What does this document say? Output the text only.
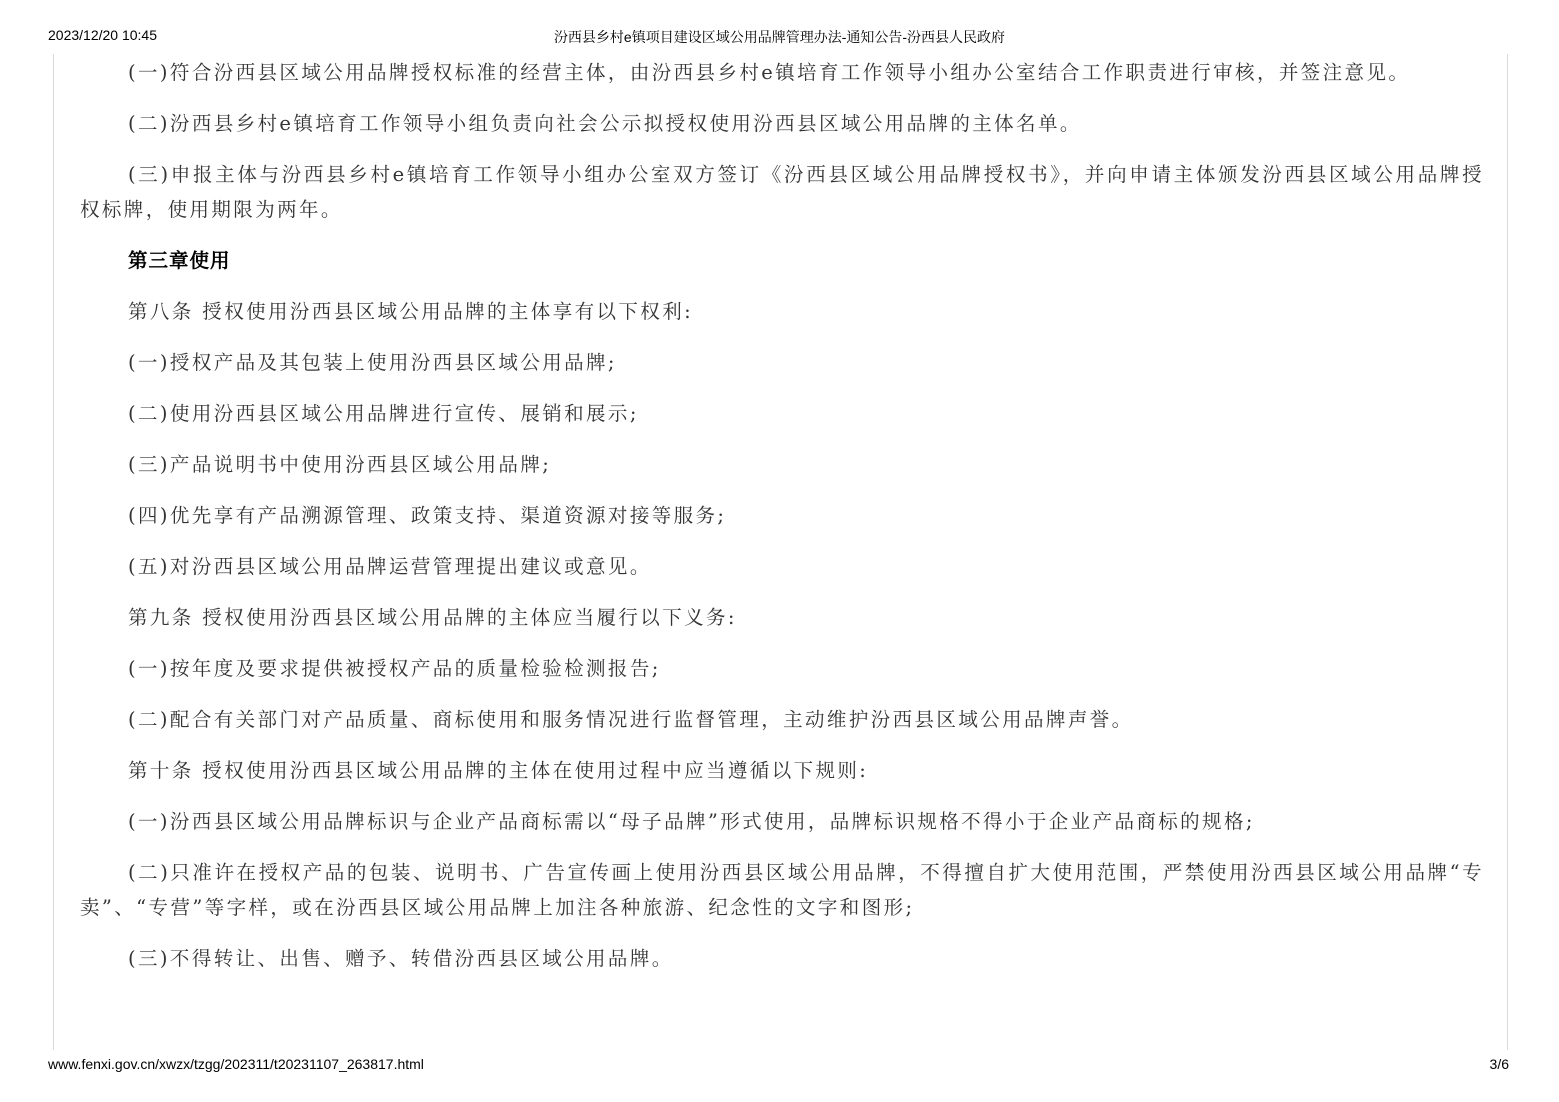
2023/12/20 10:45	汾西县乡村e镇项目建设区域公用品牌管理办法-通知公告-汾西县人民政府

(一)符合汾西县区域公用品牌授权标准的经营主体，由汾西县乡村e镇培育工作领导小组办公室结合工作职责进行审核，并签注意见。

(二)汾西县乡村e镇培育工作领导小组负责向社会公示拟授权使用汾西县区域公用品牌的主体名单。

(三)申报主体与汾西县乡村e镇培育工作领导小组办公室双方签订《汾西县区域公用品牌授权书》，并向申请主体颁发汾西县区域公用品牌授权标牌，使用期限为两年。

第三章使用

第八条 授权使用汾西县区域公用品牌的主体享有以下权利:

(一)授权产品及其包装上使用汾西县区域公用品牌;

(二)使用汾西县区域公用品牌进行宣传、展销和展示;

(三)产品说明书中使用汾西县区域公用品牌;

(四)优先享有产品溯源管理、政策支持、渠道资源对接等服务;

(五)对汾西县区域公用品牌运营管理提出建议或意见。

第九条 授权使用汾西县区域公用品牌的主体应当履行以下义务:

(一)按年度及要求提供被授权产品的质量检验检测报告;

(二)配合有关部门对产品质量、商标使用和服务情况进行监督管理，主动维护汾西县区域公用品牌声誉。

第十条 授权使用汾西县区域公用品牌的主体在使用过程中应当遵循以下规则:

(一)汾西县区域公用品牌标识与企业产品商标需以“母子品牌”形式使用，品牌标识规格不得小于企业产品商标的规格;

(二)只准许在授权产品的包装、说明书、广告宣传画上使用汾西县区域公用品牌，不得擅自扩大使用范围，严禁使用汾西县区域公用品牌“专卖”、“专营”等字样，或在汾西县区域公用品牌上加注各种旅游、纪念性的文字和图形;

(三)不得转让、出售、赠予、转借汾西县区域公用品牌。

www.fenxi.gov.cn/xwzx/tzgg/202311/t20231107_263817.html	3/6
